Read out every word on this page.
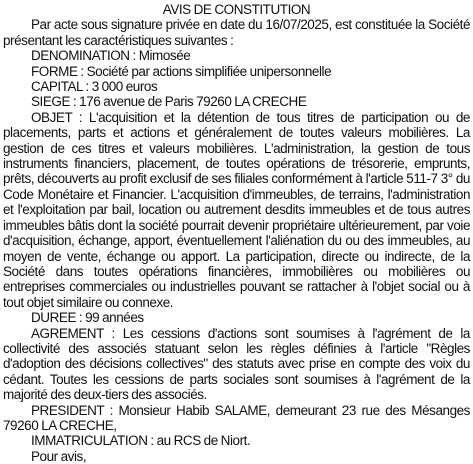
AVIS DE CONSTITUTION

Par acte sous signature privée en date du 16/07/2025, est constituée la Société présentant les caractéristiques suivantes :

DENOMINATION : Mimosée

FORME : Société par actions simplifiée unipersonnelle

CAPITAL : 3 000 euros

SIEGE : 176 avenue de Paris 79260 LA CRECHE

OBJET : L'acquisition et la détention de tous titres de participation ou de placements, parts et actions et généralement de toutes valeurs mobilières. La gestion de ces titres et valeurs mobilières. L'administration, la gestion de tous instruments financiers, placement, de toutes opérations de trésorerie, emprunts, prêts, découverts au profit exclusif de ses filiales conformément à l'article 511-7 3° du Code Monétaire et Financier. L'acquisition d'immeubles, de terrains, l'administration et l'exploitation par bail, location ou autrement desdits immeubles et de tous autres immeubles bâtis dont la société pourrait devenir propriétaire ultérieurement, par voie d'acquisition, échange, apport, éventuellement l'aliénation du ou des immeubles, au moyen de vente, échange ou apport. La participation, directe ou indirecte, de la Société dans toutes opérations financières, immobilières ou mobilières ou entreprises commerciales ou industrielles pouvant se rattacher à l'objet social ou à tout objet similaire ou connexe.

DUREE : 99 années

AGREMENT : Les cessions d'actions sont soumises à l'agrément de la collectivité des associés statuant selon les règles définies à l'article "Règles d'adoption des décisions collectives" des statuts avec prise en compte des voix du cédant. Toutes les cessions de parts sociales sont soumises à l'agrément de la majorité des deux-tiers des associés.

PRESIDENT : Monsieur Habib SALAME, demeurant 23 rue des Mésanges 79260 LA CRECHE,

IMMATRICULATION : au RCS de Niort.

Pour avis,
